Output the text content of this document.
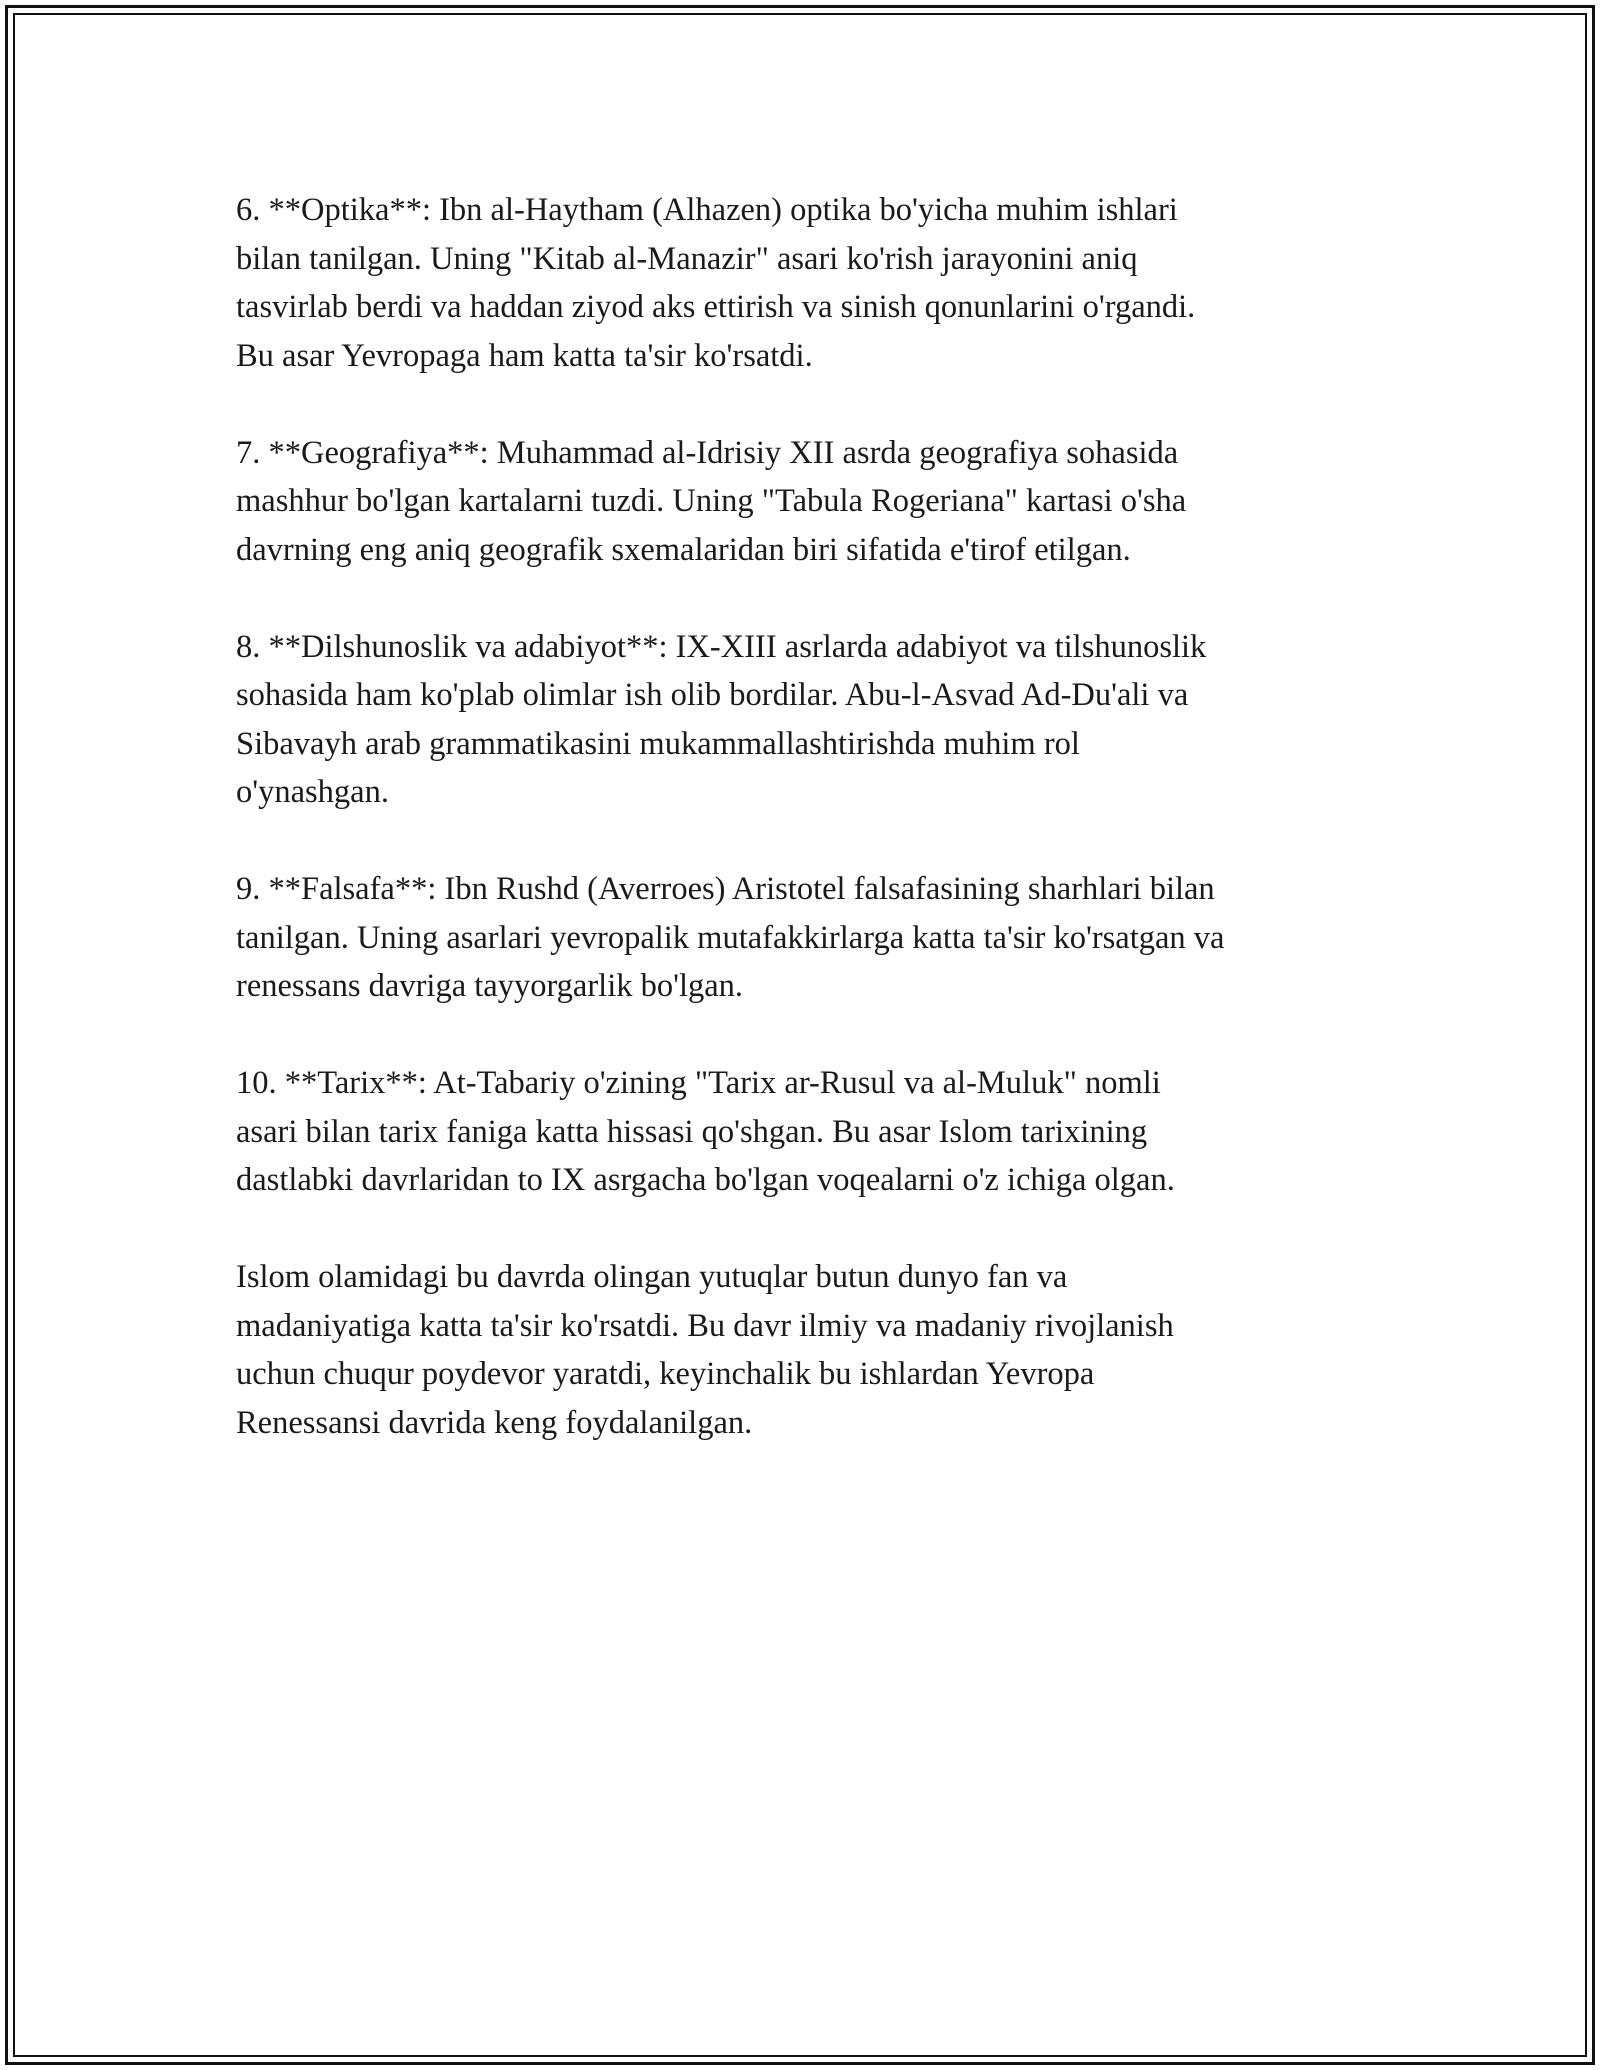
6. **Optika**: Ibn al-Haytham (Alhazen) optika bo'yicha muhim ishlari
bilan tanilgan. Uning "Kitab al-Manazir" asari ko'rish jarayonini aniq
tasvirlab berdi va haddan ziyod aks ettirish va sinish qonunlarini o'rgandi.
Bu asar Yevropaga ham katta ta'sir ko'rsatdi.

7. **Geografiya**: Muhammad al-Idrisiy XII asrda geografiya sohasida
mashhur bo'lgan kartalarni tuzdi. Uning "Tabula Rogeriana" kartasi o'sha
davrning eng aniq geografik sxemalaridan biri sifatida e'tirof etilgan.

8. **Dilshunoslik va adabiyot**: IX-XIII asrlarda adabiyot va tilshunoslik
sohasida ham ko'plab olimlar ish olib bordilar. Abu-l-Asvad Ad-Du'ali va
Sibavayh arab grammatikasini mukammallashtirishda muhim rol
o'ynashgan.

9. **Falsafa**: Ibn Rushd (Averroes) Aristotel falsafasining sharhlari bilan
tanilgan. Uning asarlari yevropalik mutafakkirlarga katta ta'sir ko'rsatgan va
renessans davriga tayyorgarlik bo'lgan.

10. **Tarix**: At-Tabariy o'zining "Tarix ar-Rusul va al-Muluk" nomli
asari bilan tarix faniga katta hissasi qo'shgan. Bu asar Islom tarixining
dastlabki davrlaridan to IX asrgacha bo'lgan voqealarni o'z ichiga olgan.

Islom olamidagi bu davrda olingan yutuqlar butun dunyo fan va
madaniyatiga katta ta'sir ko'rsatdi. Bu davr ilmiy va madaniy rivojlanish
uchun chuqur poydevor yaratdi, keyinchalik bu ishlardan Yevropa
Renessansi davrida keng foydalanilgan.
